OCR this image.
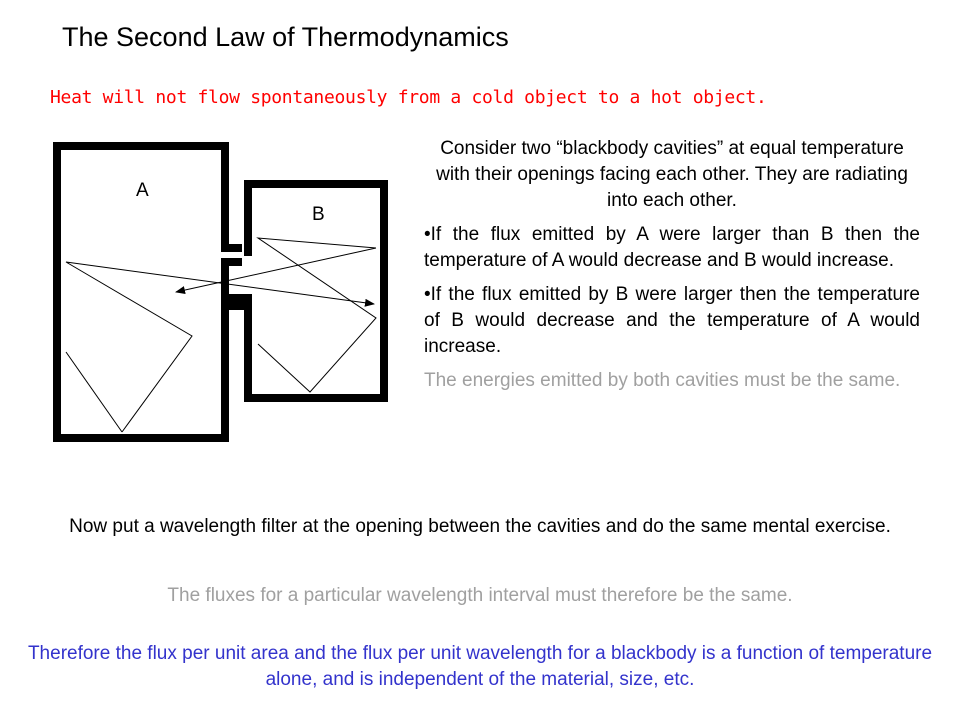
The Second Law of Thermodynamics
Heat will not flow spontaneously from a cold object to a hot object.
A
B

Consider two “blackbody cavities” at equal temperature with their openings facing each other. They are radiating into each other.

•If the flux emitted by A were larger than B then the temperature of A would decrease and B would increase.

•If the flux emitted by B were larger then the temperature of B would decrease and the temperature of A would increase.

The energies emitted by both cavities must be the same.

Now put a wavelength filter at the opening between the cavities and do the same mental exercise.
The fluxes for a particular wavelength interval must therefore be the same.
Therefore the flux per unit area and the flux per unit wavelength for a blackbody is a function of temperature alone, and is independent of the material, size, etc.
